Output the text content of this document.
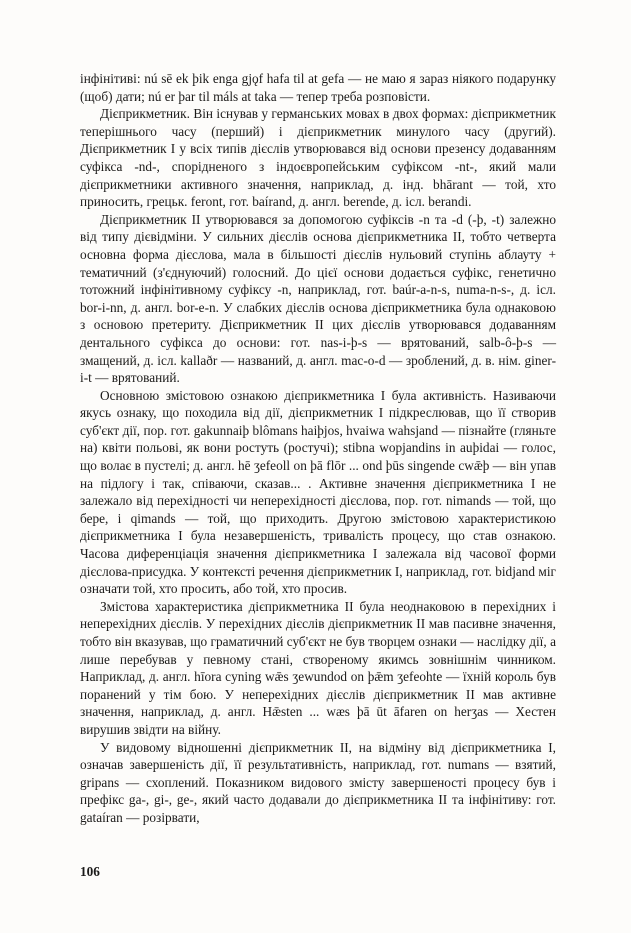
інфінітиві: nú sē ek þik enga gjǫf hafa til at gefa — не маю я зараз ніякого подарунку (щоб) дати; nú er þar til máls at taka — тепер треба розповісти.

Дієприкметник. Він існував у германських мовах в двох формах: дієприкметник теперішнього часу (перший) і дієприкметник минулого часу (другий). Дієприкметник I у всіх типів дієслів утворювався від основи презенсу додаванням суфікса -nd-, спорідненого з індоєвропейським суфіксом -nt-, який мали дієприкметники активного значення, наприклад, д. інд. bhārant — той, хто приносить, грецьк. feront, гот. baírand, д. англ. berende, д. ісл. berandi.

Дієприкметник II утворювався за допомогою суфіксів -n та -d (-þ, -t) залежно від типу дієвідміни. У сильних дієслів основа дієприкметника II, тобто четверта основна форма дієслова, мала в більшості дієслів нульовий ступінь аблауту + тематичний (з'єднуючий) голосний. До цієї основи додається суфікс, генетично тотожний інфінітивному суфіксу -n, наприклад, гот. baúr-a-n-s, numa-n-s-, д. ісл. bor-i-nn, д. англ. bor-e-n. У слабких дієслів основа дієприкметника була однаковою з основою претериту. Дієприкметник II цих дієслів утворювався додаванням дентального суфікса до основи: гот. nas-i-þ-s — врятований, salb-ô-þ-s — змащений, д. ісл. kallaðr — названий, д. англ. mac-o-d — зроблений, д. в. нім. giner-i-t — врятований.

Основною змістовою ознакою дієприкметника I була активність. Називаючи якусь ознаку, що походила від дії, дієприкметник I підкреслював, що її створив суб'єкт дії, пор. гот. gakunnaiþ blômans haiþjos, hvaiwa wahsjand — пізнайте (гляньте на) квіти польові, як вони ростуть (ростучі); stibna wopjandins in auþidai — голос, що волає в пустелі; д. англ. hē ʒefeoll on þā flōr ... ond þūs singende cwǣþ — він упав на підлогу і так, співаючи, сказав... . Активне значення дієприкметника I не залежало від перехідності чи неперехідності дієслова, пор. гот. nimands — той, що бере, і qimands — той, що приходить. Другою змістовою характеристикою дієприкметника I була незавершеність, тривалість процесу, що став ознакою. Часова диференціація значення дієприкметника I залежала від часової форми дієслова-присудка. У контексті речення дієприкметник I, наприклад, гот. bidjand міг означати той, хто просить, або той, хто просив.

Змістова характеристика дієприкметника II була неоднаковою в перехідних і неперехідних дієслів. У перехідних дієслів дієприкметник II мав пасивне значення, тобто він вказував, що граматичний суб'єкт не був творцем ознаки — наслідку дії, а лише перебував у певному стані, створеному якимсь зовнішнім чинником. Наприклад, д. англ. hīora cyning wǣs ʒewundod on þǣm ʒefeohte — їхній король був поранений у тім бою. У неперехідних дієслів дієприкметник II мав активне значення, наприклад, д. англ. Hǣsten ... wæs þā ūt āfaren on herʒas — Хестен вирушив звідти на війну.

У видовому відношенні дієприкметник II, на відміну від дієприкметника I, означав завершеність дії, її результативність, наприклад, гот. numans — взятий, gripans — схоплений. Показником видового змісту завершеності процесу був і префікс ga-, gi-, ge-, який часто додавали до дієприкметника II та інфінітиву: гот. gataíran — розірвати,

106
